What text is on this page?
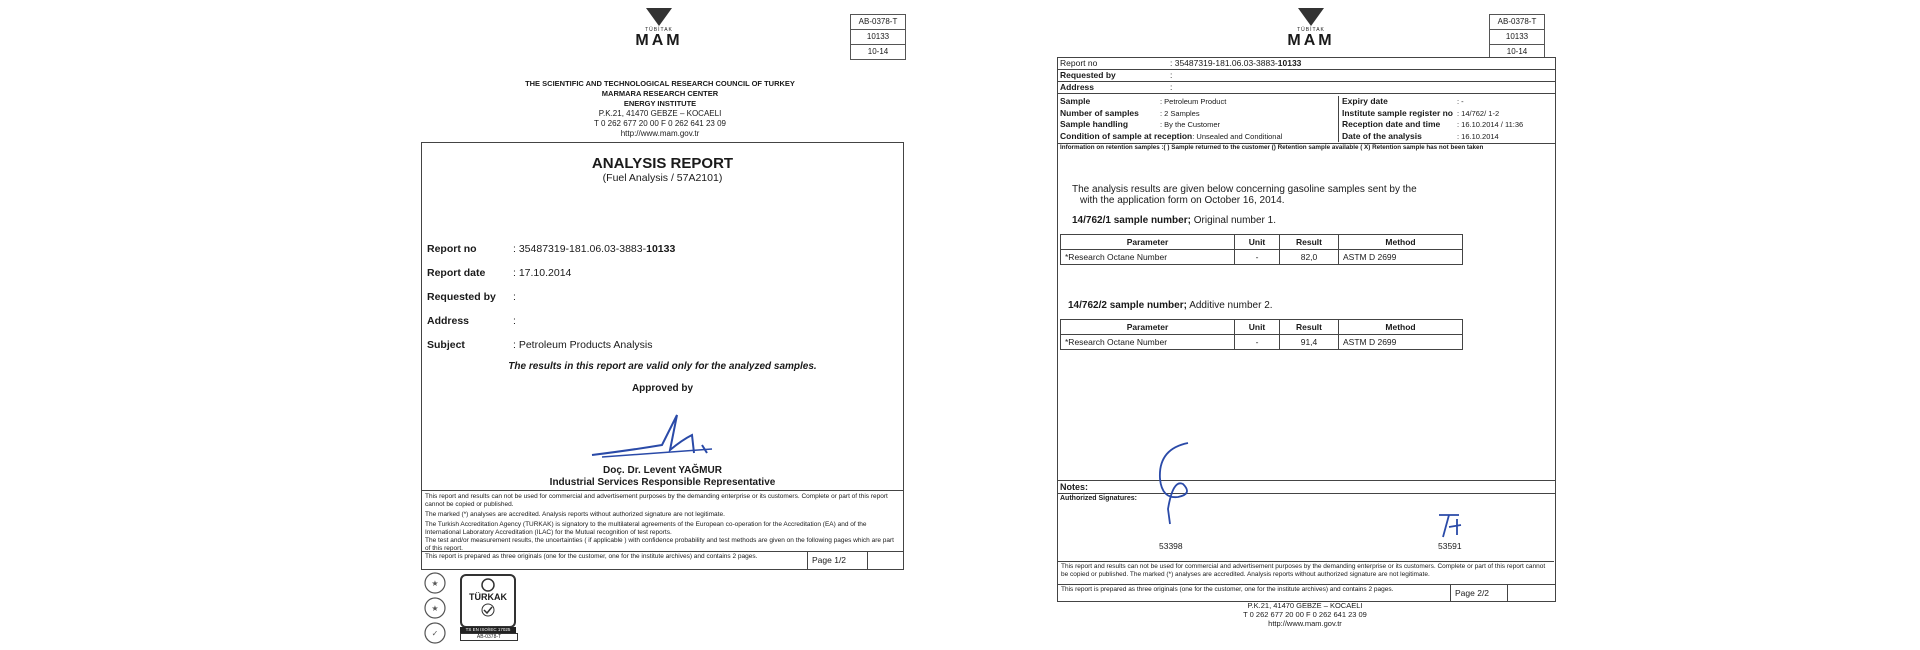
TÜBİTAK
MAM
AB-0378-T
10133
10-14
THE SCIENTIFIC AND TECHNOLOGICAL RESEARCH COUNCIL OF TURKEY
MARMARA RESEARCH CENTER
ENERGY INSTITUTE
P.K.21, 41470 GEBZE – KOCAELI
T 0 262 677 20 00 F 0 262 641 23 09
http://www.mam.gov.tr
ANALYSIS REPORT
(Fuel Analysis / 57A2101)
Report no	: 35487319-181.06.03-3883-10133
Report date	: 17.10.2014
Requested by :
Address	:
Subject	: Petroleum Products Analysis
The results in this report are valid only for the analyzed samples.
Approved by
Doç. Dr. Levent YAĞMUR
Industrial Services Responsible Representative
This report and results can not be used for commercial and advertisement purposes by the demanding enterprise or its customers. Complete or part of this report cannot be copied or published.
The marked (*) analyses are accredited. Analysis reports without authorized signature are not legitimate.
The Turkish Accreditation Agency (TURKAK) is signatory to the multilateral agreements of the European co-operation for the Accreditation (EA) and of the International Laboratory Accreditation (ILAC) for the Mutual recognition of test reports.
The test and/or measurement results, the uncertainties ( if applicable ) with confidence probability and test methods are given on the following pages which are part of this report.
This report is prepared as three originals (one for the customer, one for the institute archives) and contains 2 pages.	Page 1/2
★
★
✓
TÜRKAK
TS EN ISO/IEC 17025
AB-0378-T
TÜBİTAK
MAM
AB-0378-T
10133
10-14
Report no	: 35487319-181.06.03-3883-10133
Requested by	:
Address	:
Sample	: Petroleum Product
Number of samples	: 2 Samples
Sample handling	: By the Customer
Condition of sample at reception: Unsealed and Conditional
Expiry date	: -
Institute sample register no : 14/762/ 1-2
Reception date and time : 16.10.2014 / 11:36
Date of the analysis	: 16.10.2014
Information on retention samples :( ) Sample returned to the customer () Retention sample available ( X) Retention sample has not been taken
The analysis results are given below concerning gasoline samples sent by the
with the application form on October 16, 2014.
14/762/1 sample number; Original number 1.
Parameter	Unit	Result	Method
*Research Octane Number	-	82,0	ASTM D 2699
14/762/2 sample number; Additive number 2.
Parameter	Unit	Result	Method
*Research Octane Number	-	91,4	ASTM D 2699
Notes:
Authorized Signatures:
53398	53591
This report and results can not be used for commercial and advertisement purposes by the demanding enterprise or its customers. Complete or part of this report cannot be copied or published. The marked (*) analyses are accredited. Analysis reports without authorized signature are not legitimate.
This report is prepared as three originals (one for the customer, one for the institute archives) and contains 2 pages.	Page 2/2
P.K.21, 41470 GEBZE – KOCAELI
T 0 262 677 20 00 F 0 262 641 23 09
http://www.mam.gov.tr
